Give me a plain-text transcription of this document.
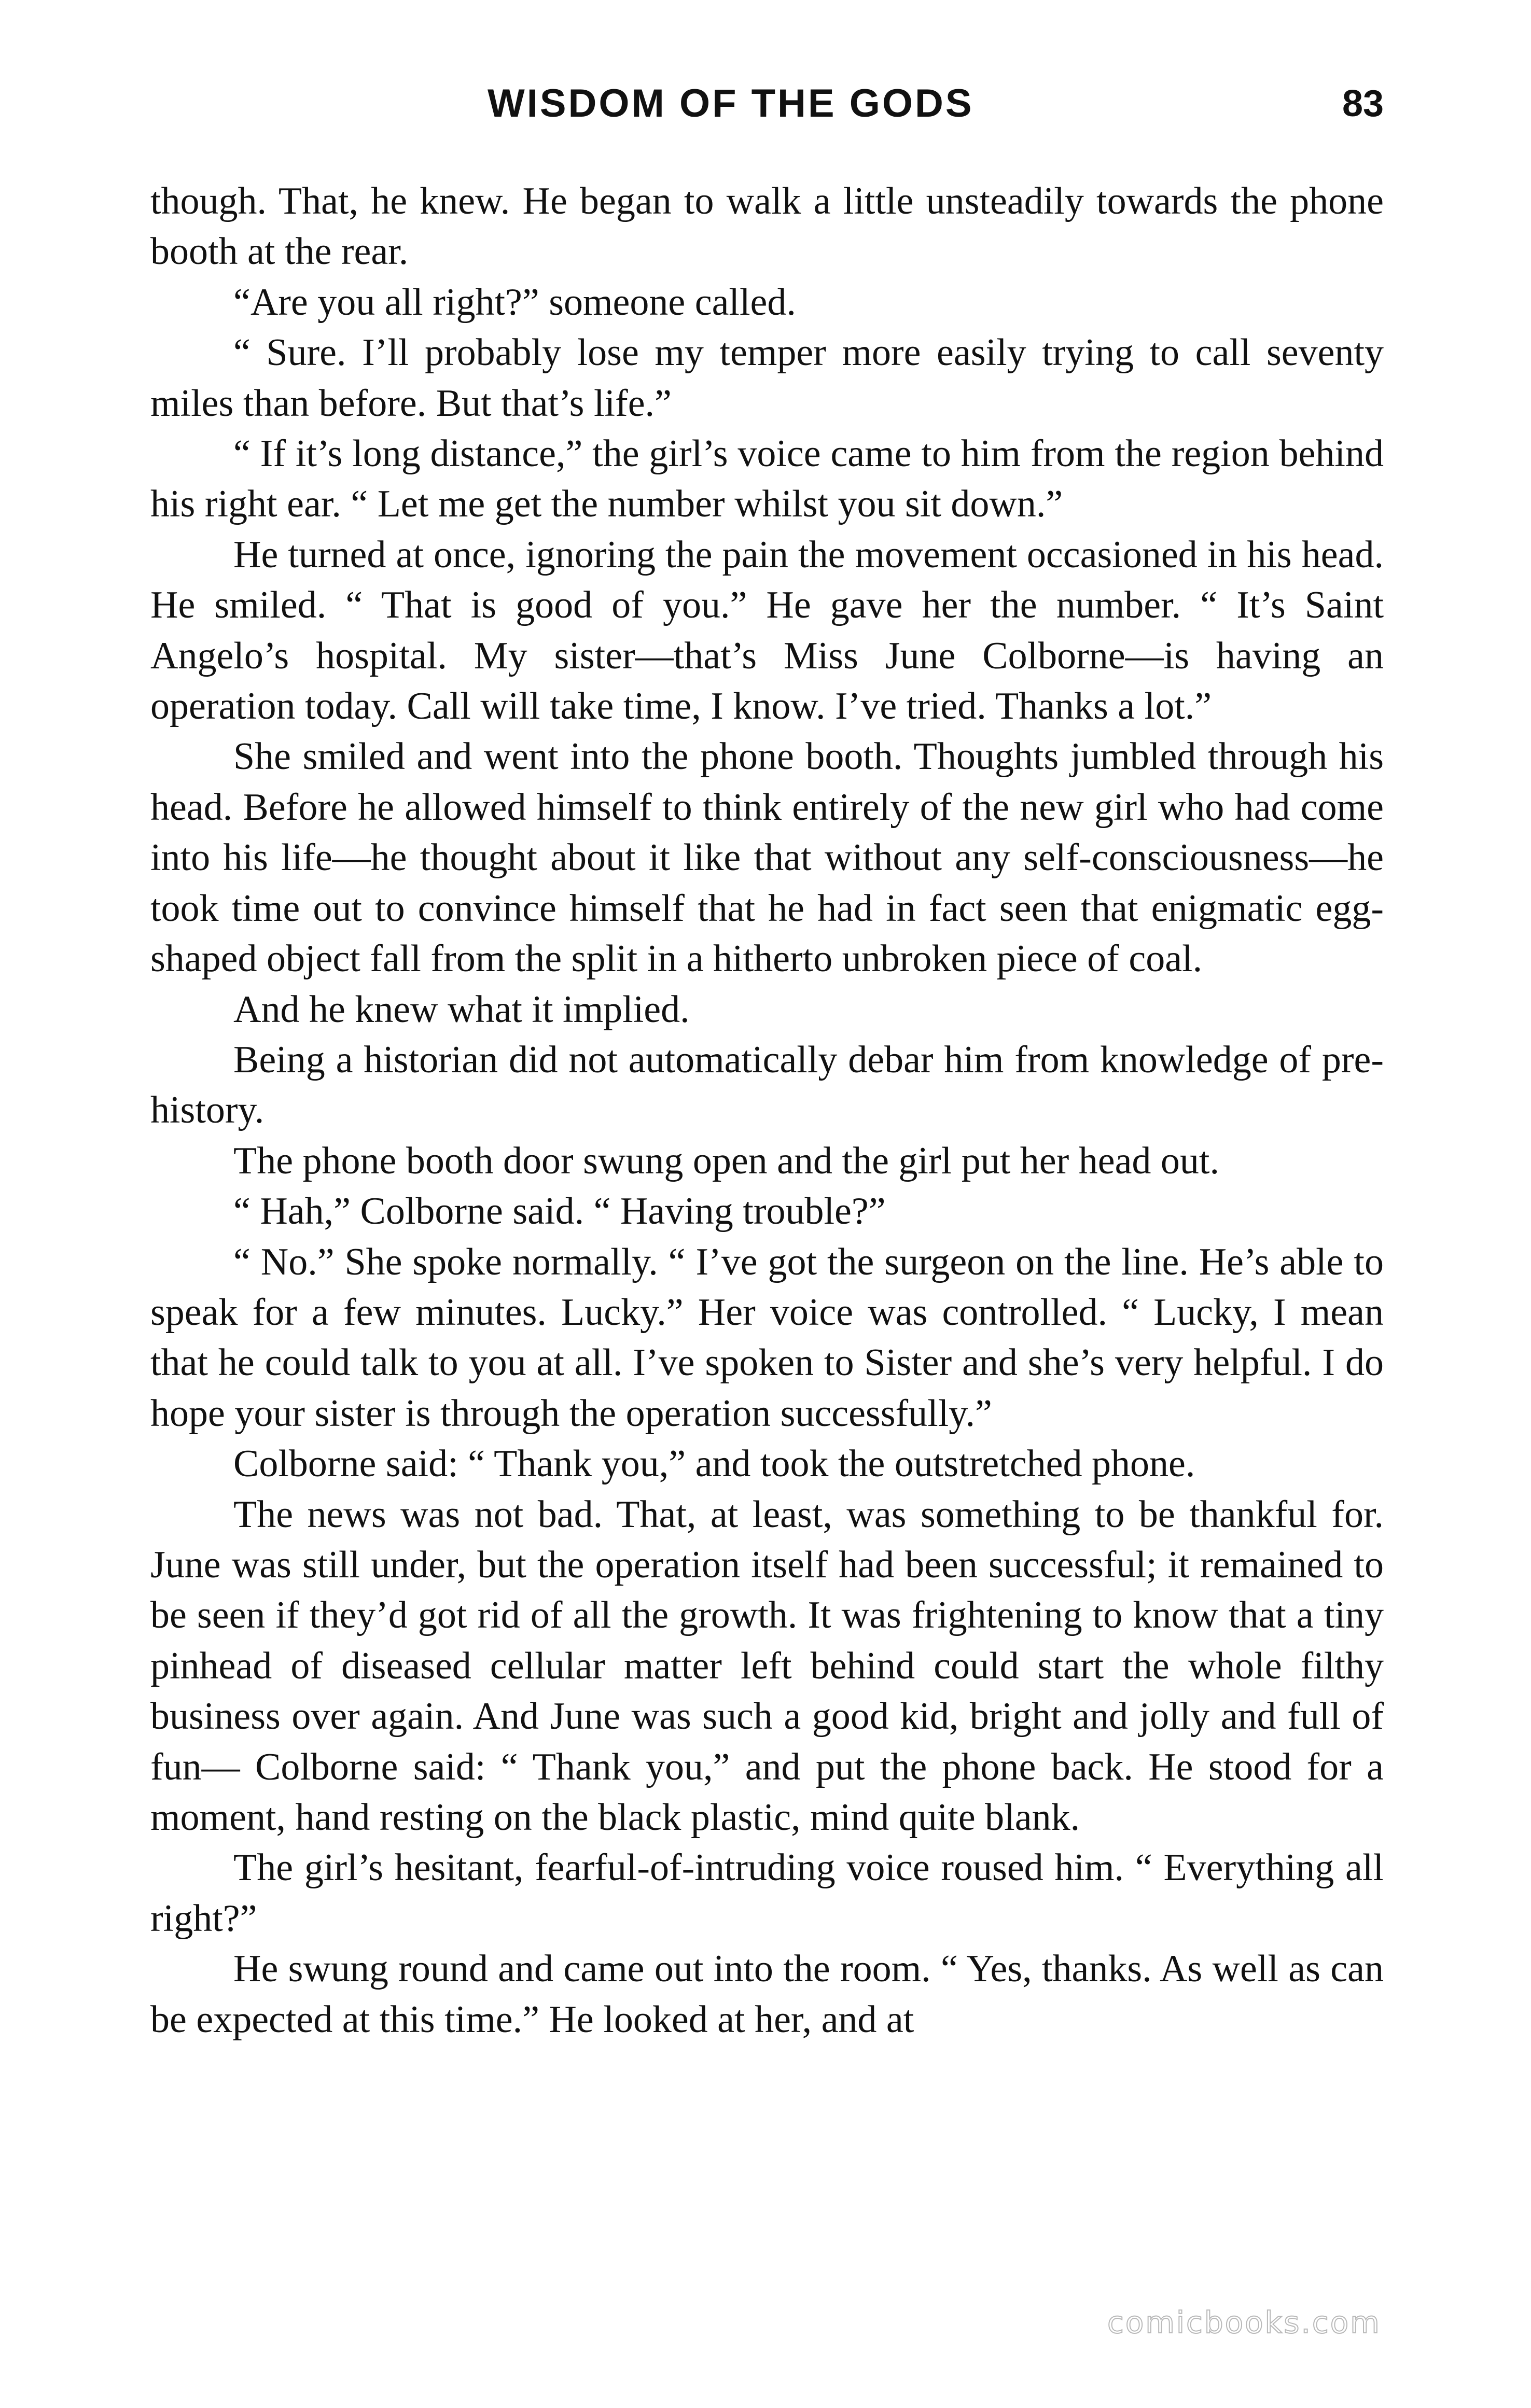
WISDOM OF THE GODS	83

though. That, he knew. He began to walk a little unsteadily towards the phone booth at the rear.

“Are you all right?” someone called.

“ Sure. I’ll probably lose my temper more easily trying to call seventy miles than before. But that’s life.”

“ If it’s long distance,” the girl’s voice came to him from the region behind his right ear. “ Let me get the number whilst you sit down.”

He turned at once, ignoring the pain the movement occasioned in his head. He smiled. “ That is good of you.” He gave her the number. “ It’s Saint Angelo’s hospital. My sister—that’s Miss June Colborne—is having an operation today. Call will take time, I know. I’ve tried. Thanks a lot.”

She smiled and went into the phone booth. Thoughts jumbled through his head. Before he allowed himself to think entirely of the new girl who had come into his life—he thought about it like that without any self-consciousness—he took time out to convince himself that he had in fact seen that enigmatic egg-shaped object fall from the split in a hitherto unbroken piece of coal.

And he knew what it implied.

Being a historian did not automatically debar him from knowledge of pre-history.

The phone booth door swung open and the girl put her head out.

“ Hah,” Colborne said. “ Having trouble?”

“ No.” She spoke normally. “ I’ve got the surgeon on the line. He’s able to speak for a few minutes. Lucky.” Her voice was controlled. “ Lucky, I mean that he could talk to you at all. I’ve spoken to Sister and she’s very helpful. I do hope your sister is through the operation successfully.”

Colborne said: “ Thank you,” and took the outstretched phone.

The news was not bad. That, at least, was something to be thankful for. June was still under, but the operation itself had been successful; it remained to be seen if they’d got rid of all the growth. It was frightening to know that a tiny pinhead of diseased cellular matter left behind could start the whole filthy business over again. And June was such a good kid, bright and jolly and full of fun— Colborne said: “ Thank you,” and put the phone back. He stood for a moment, hand resting on the black plastic, mind quite blank.

The girl’s hesitant, fearful-of-intruding voice roused him. “ Everything all right?”

He swung round and came out into the room. “ Yes, thanks. As well as can be expected at this time.” He looked at her, and at

comicbooks.com
